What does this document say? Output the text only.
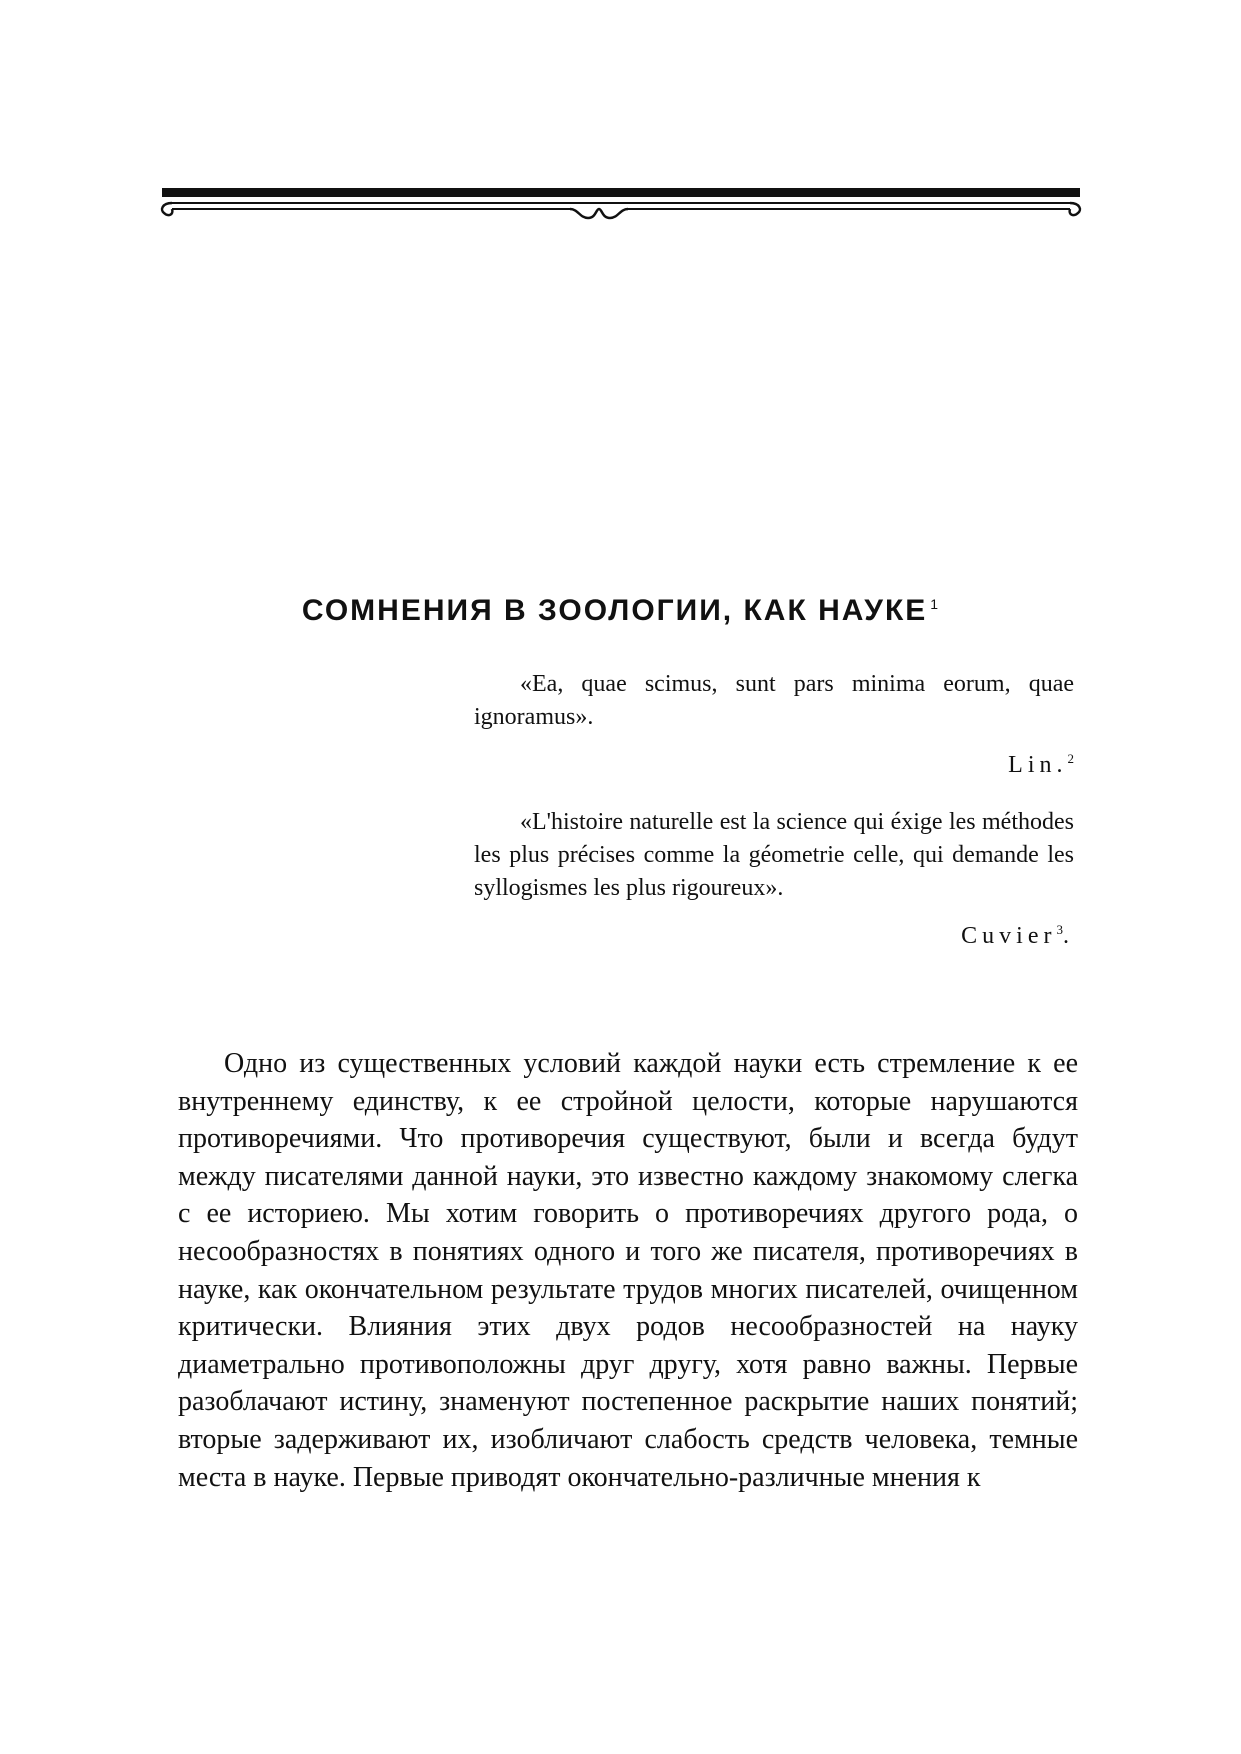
СОМНЕНИЯ В ЗООЛОГИИ, КАК НАУКЕ $^1$

«Ea, quae scimus, sunt pars minima eorum, quae ignoramus».

Lin.$^2$

«L'histoire naturelle est la science qui éxige les méthodes les plus précises comme la géometrie celle, qui demande les syllogismes les plus rigoureux».

Cuvier$^3$.

Одно из существенных условий каждой науки есть стремление к ее внутреннему единству, к ее стройной целости, которые нарушаются противоречиями. Что противоречия существуют, были и всегда будут между писателями данной науки, это известно каждому знакомому слегка с ее историею. Мы хотим говорить о противоречиях другого рода, о несообразностях в понятиях одного и того же писателя, противоречиях в науке, как окончательном результате трудов многих писателей, очищенном критически. Влияния этих двух родов несообразностей на науку диаметрально противоположны друг другу, хотя равно важны. Первые разоблачают истину, знаменуют постепенное раскрытие наших понятий; вторые задерживают их, изобличают слабость средств человека, темные места в науке. Первые приводят окончательно-различные мнения к
